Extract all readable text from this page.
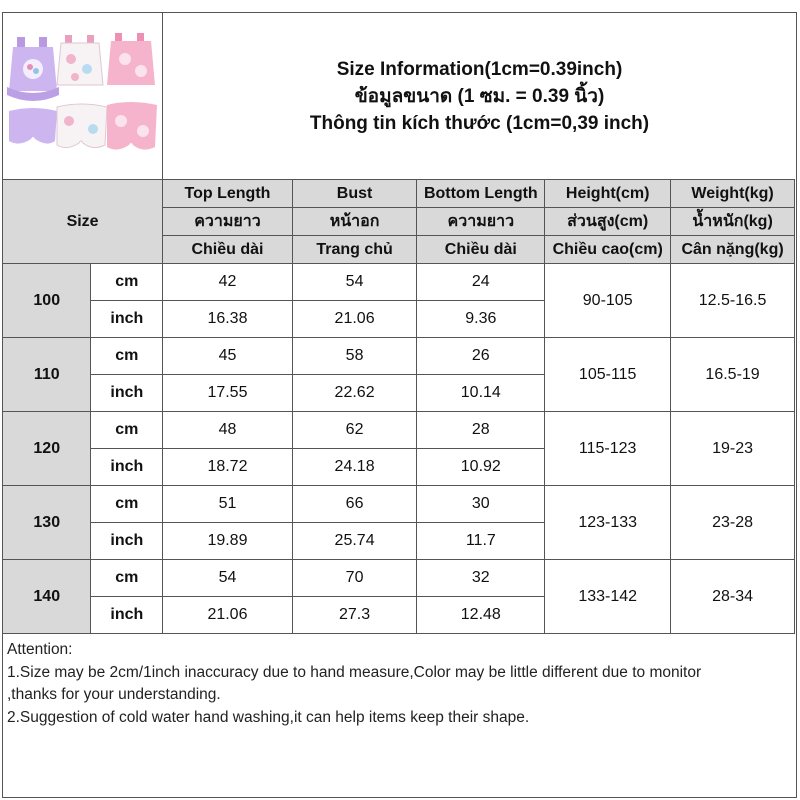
Size Information(1cm=0.39inch)
ข้อมูลขนาด (1 ซม. = 0.39 นิ้ว)
Thông tin kích thước (1cm=0,39 inch)
Size		Top Length	Bust	Bottom Length	Height(cm)	Weight(kg)
		ความยาว	หน้าอก	ความยาว	ส่วนสูง(cm)	น้ำหนัก(kg)
		Chiều dài	Trang chủ	Chiều dài	Chiều cao(cm)	Cân nặng(kg)
100	cm	42	54	24	90-105	12.5-16.5
	inch	16.38	21.06	9.36		
110	cm	45	58	26	105-115	16.5-19
	inch	17.55	22.62	10.14		
120	cm	48	62	28	115-123	19-23
	inch	18.72	24.18	10.92		
130	cm	51	66	30	123-133	23-28
	inch	19.89	25.74	11.7		
140	cm	54	70	32	133-142	28-34
	inch	21.06	27.3	12.48		
Attention:
1.Size may be 2cm/1inch inaccuracy due to hand measure,Color may be little different due to monitor
,thanks for your understanding.
2.Suggestion of cold water hand washing,it can help items keep their shape.
